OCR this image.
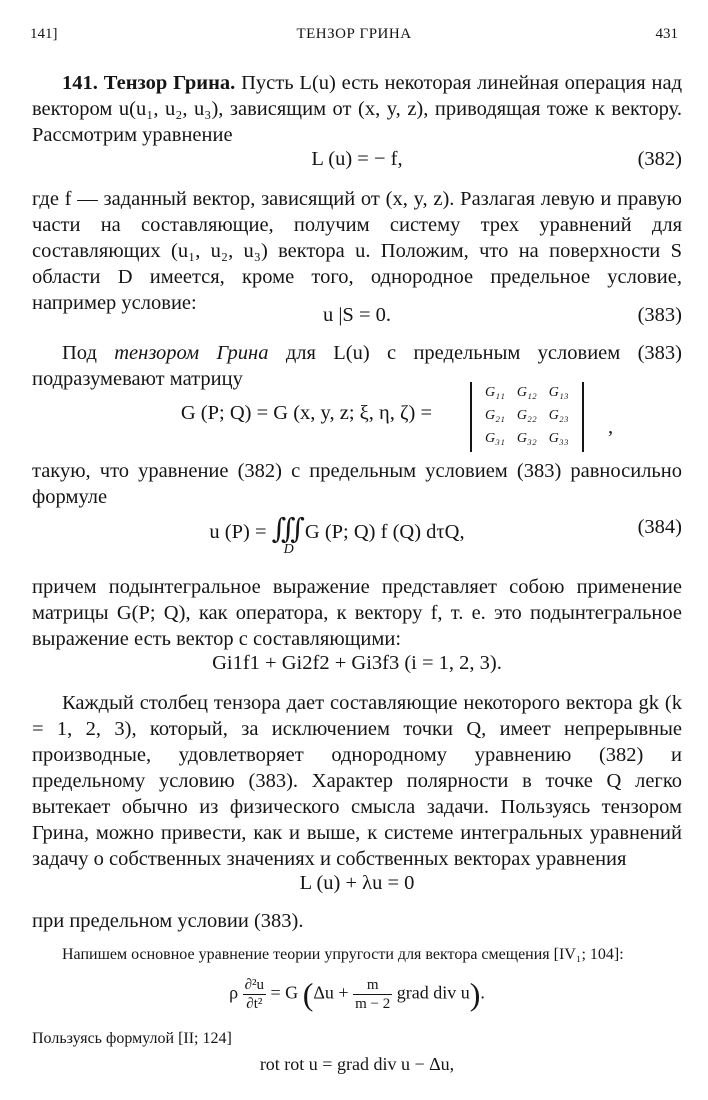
141]	ТЕНЗОР ГРИНА	431

141. Тензор Грина. Пусть L(u) есть некоторая линейная операция над вектором u(u₁, u₂, u₃), зависящим от (x, y, z), приводящая тоже к вектору. Рассмотрим уравнение

L (u) = − f,	(382)

где f — заданный вектор, зависящий от (x, y, z). Разлагая левую и правую части на составляющие, получим систему трех уравнений для составляющих (u₁, u₂, u₃) вектора u. Положим, что на поверхности S области D имеется, кроме того, однородное предельное условие, например условие:

u |S = 0.	(383)

Под тензором Грина для L(u) с предельным условием (383) подразумевают матрицу

G (P; Q) = G (x, y, z; ξ, η, ζ) =
G₁₁	G₁₂	G₁₃
G₂₁	G₂₂	G₂₃
G₃₁	G₃₂	G₃₃
,

такую, что уравнение (382) с предельным условием (383) равносильно формуле

u (P) = ∭
D
G (P; Q) f (Q) dτQ,	(384)

причем подынтегральное выражение представляет собою применение матрицы G(P; Q), как оператора, к вектору f, т. е. это подынтегральное выражение есть вектор с составляющими:

Gi1f1 + Gi2f2 + Gi3f3 (i = 1, 2, 3).

Каждый столбец тензора дает составляющие некоторого вектора gk (k = 1, 2, 3), который, за исключением точки Q, имеет непрерывные производные, удовлетворяет однородному уравнению (382) и предельному условию (383). Характер полярности в точке Q легко вытекает обычно из физического смысла задачи. Пользуясь тензором Грина, можно привести, как и выше, к системе интегральных уравнений задачу о собственных значениях и собственных векторах уравнения

L (u) + λu = 0

при предельном условии (383).

Напишем основное уравнение теории упругости для вектора смещения [IV₁; 104]:

ρ $\frac{\text{∂²u}}{\text{∂t²}} = G$ ($\Delta u + \frac{m}{m - 2}$ grad div u).

Пользуясь формулой [II; 124]

rot rot u = grad div u − Δu,
